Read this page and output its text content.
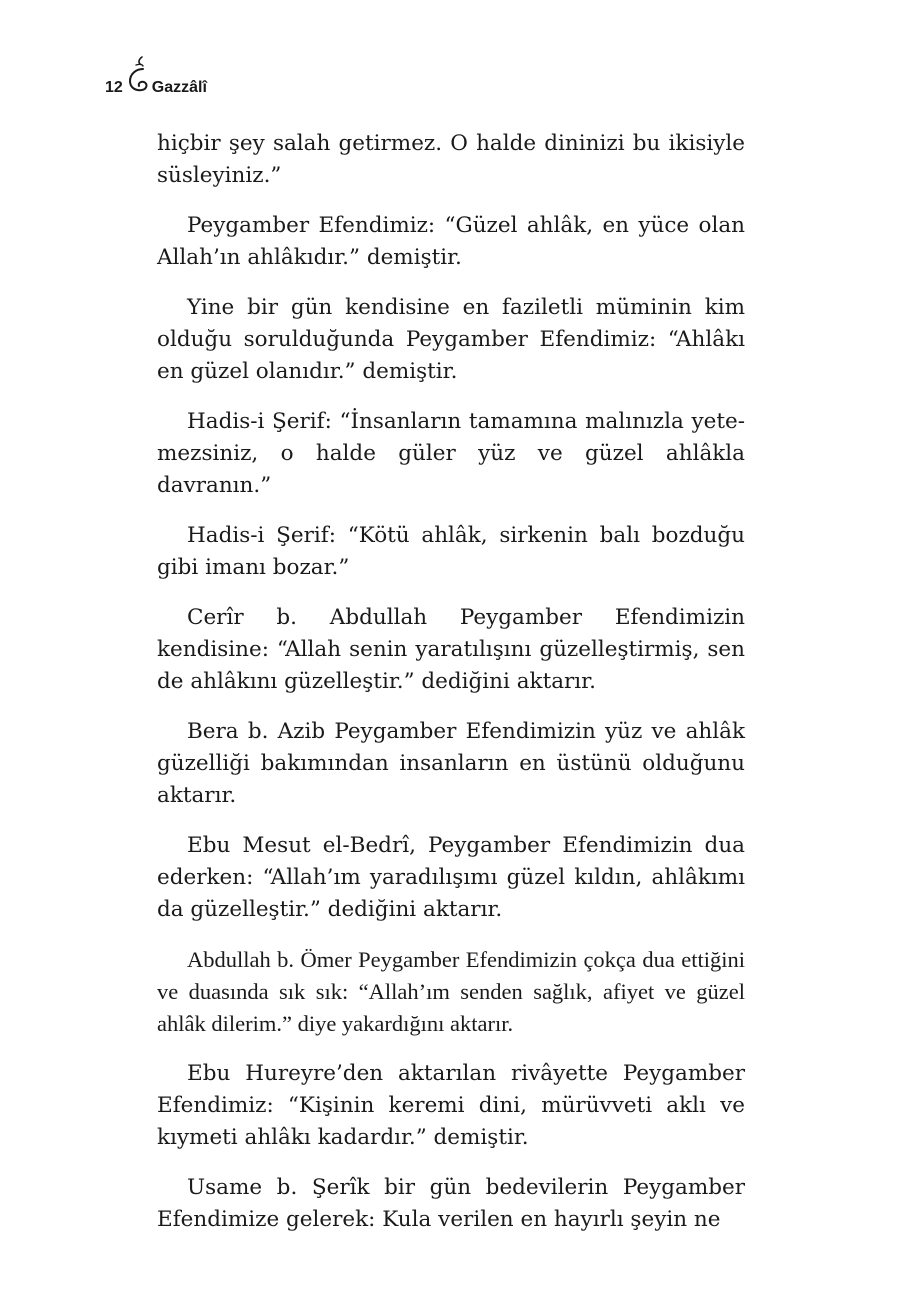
12 Gazzâlî

hiçbir şey salah getirmez. O halde dininizi bu ikisiyle süsleyiniz.”

Peygamber Efendimiz: “Güzel ahlâk, en yüce olan Allah’ın ahlâkıdır.” demiştir.

Yine bir gün kendisine en faziletli müminin kim olduğu sorulduğunda Peygamber Efendimiz: “Ahlâkı en güzel olanıdır.” demiştir.

Hadis-i Şerif: “İnsanların tamamına malınızla yetemezsiniz, o halde güler yüz ve güzel ahlâkla davranın.”

Hadis-i Şerif: “Kötü ahlâk, sirkenin balı bozduğu gibi imanı bozar.”

Cerîr b. Abdullah Peygamber Efendimizin kendisine: “Allah senin yaratılışını güzelleştirmiş, sen de ahlâkını güzelleştir.” dediğini aktarır.

Bera b. Azib Peygamber Efendimizin yüz ve ahlâk güzelliği bakımından insanların en üstünü olduğunu aktarır.

Ebu Mesut el-Bedrî, Peygamber Efendimizin dua ederken: “Allah’ım yaradılışımı güzel kıldın, ahlâkımı da güzelleştir.” dediğini aktarır.

Abdullah b. Ömer Peygamber Efendimizin çokça dua ettiğini ve duasında sık sık: “Allah’ım senden sağlık, afiyet ve güzel ahlâk dilerim.” diye yakardığını aktarır.

Ebu Hureyre’den aktarılan rivâyette Peygamber Efendimiz: “Kişinin keremi dini, mürüvveti aklı ve kıymeti ahlâkı kadardır.” demiştir.

Usame b. Şerîk bir gün bedevilerin Peygamber Efendimize gelerek: Kula verilen en hayırlı şeyin ne
